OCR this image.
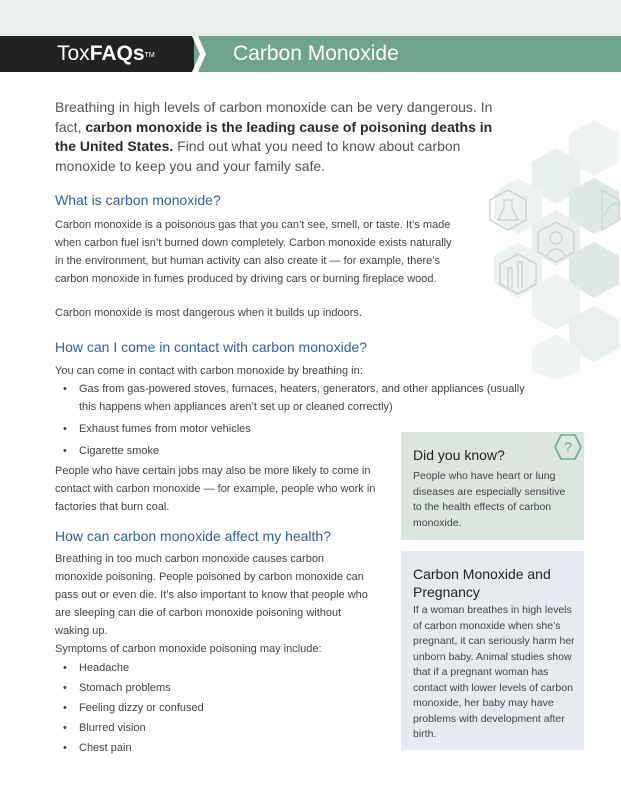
ToxFAQs™	Carbon Monoxide
Breathing in high levels of carbon monoxide can be very dangerous. In fact, carbon monoxide is the leading cause of poisoning deaths in the United States. Find out what you need to know about carbon monoxide to keep you and your family safe.
What is carbon monoxide?

Carbon monoxide is a poisonous gas that you can’t see, smell, or taste. It’s made when carbon fuel isn’t burned down completely. Carbon monoxide exists naturally in the environment, but human activity can also create it — for example, there’s carbon monoxide in fumes produced by driving cars or burning fireplace wood.

Carbon monoxide is most dangerous when it builds up indoors.

How can I come in contact with carbon monoxide?

You can come in contact with carbon monoxide by breathing in:

• Gas from gas-powered stoves, furnaces, heaters, generators, and other appliances (usually this happens when appliances aren’t set up or cleaned correctly)
• Exhaust fumes from motor vehicles
• Cigarette smoke

People who have certain jobs may also be more likely to come in contact with carbon monoxide — for example, people who work in factories that burn coal.

How can carbon monoxide affect my health?

Breathing in too much carbon monoxide causes carbon monoxide poisoning. People poisoned by carbon monoxide can pass out or even die. It’s also important to know that people who are sleeping can die of carbon monoxide poisoning without waking up.

Symptoms of carbon monoxide poisoning may include:

• Headache
• Stomach problems
• Feeling dizzy or confused
• Blurred vision
• Chest pain
Did you know?
People who have heart or lung diseases are especially sensitive to the health effects of carbon monoxide.
?
Carbon Monoxide and Pregnancy
If a woman breathes in high levels of carbon monoxide when she’s pregnant, it can seriously harm her unborn baby. Animal studies show that if a pregnant woman has contact with lower levels of carbon monoxide, her baby may have problems with development after birth.
